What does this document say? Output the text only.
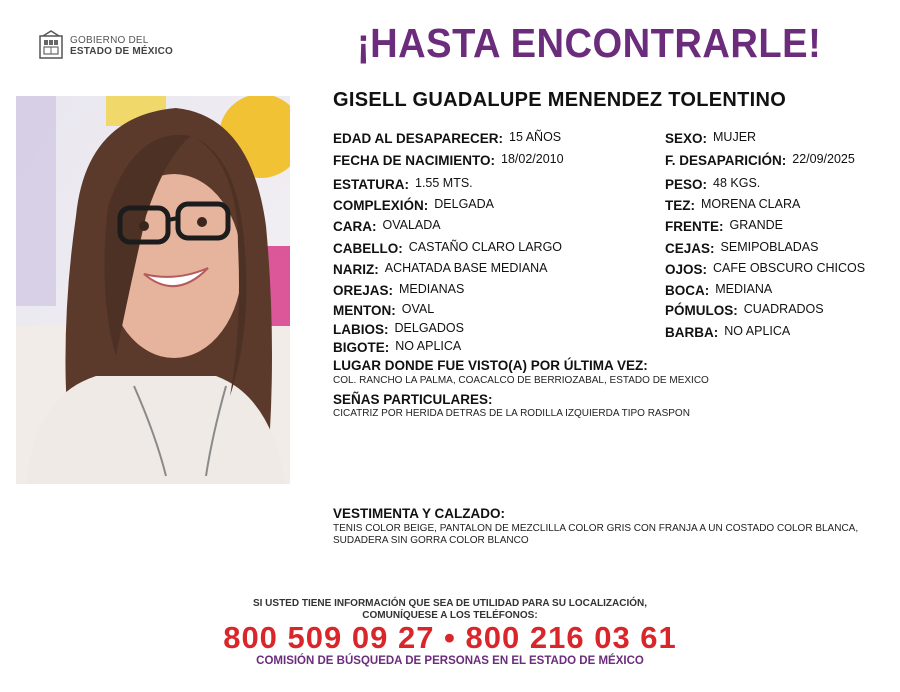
GOBIERNO DEL
ESTADO DE MÉXICO	¡HASTA ENCONTRARLE!
GISELL GUADALUPE MENENDEZ TOLENTINO
EDAD AL DESAPARECER: 15 AÑOS
FECHA DE NACIMIENTO: 18/02/2010
ESTATURA: 1.55 MTS.
COMPLEXIÓN: DELGADA
CARA: OVALADA
CABELLO: CASTAÑO CLARO LARGO
NARIZ: ACHATADA BASE MEDIANA
OREJAS: MEDIANAS
MENTON: OVAL
LABIOS: DELGADOS
BIGOTE: NO APLICA
SEXO: MUJER
F. DESAPARICIÓN: 22/09/2025
PESO: 48 KGS.
TEZ: MORENA CLARA
FRENTE: GRANDE
CEJAS: SEMIPOBLADAS
OJOS: CAFE OBSCURO CHICOS
BOCA: MEDIANA
PÓMULOS: CUADRADOS
BARBA: NO APLICA
LUGAR DONDE FUE VISTO(A) POR ÚLTIMA VEZ:
COL. RANCHO LA PALMA, COACALCO DE BERRIOZABAL, ESTADO DE MEXICO
SEÑAS PARTICULARES:
CICATRIZ POR HERIDA DETRAS DE LA RODILLA IZQUIERDA TIPO RASPON
VESTIMENTA Y CALZADO:
TENIS COLOR BEIGE, PANTALON DE MEZCLILLA COLOR GRIS CON FRANJA A UN COSTADO COLOR BLANCA,
SUDADERA SIN GORRA COLOR BLANCO
SI USTED TIENE INFORMACIÓN QUE SEA DE UTILIDAD PARA SU LOCALIZACIÓN,
COMUNÍQUESE A LOS TELÉFONOS:
800 509 09 27 • 800 216 03 61
COMISIÓN DE BÚSQUEDA DE PERSONAS EN EL ESTADO DE MÉXICO
